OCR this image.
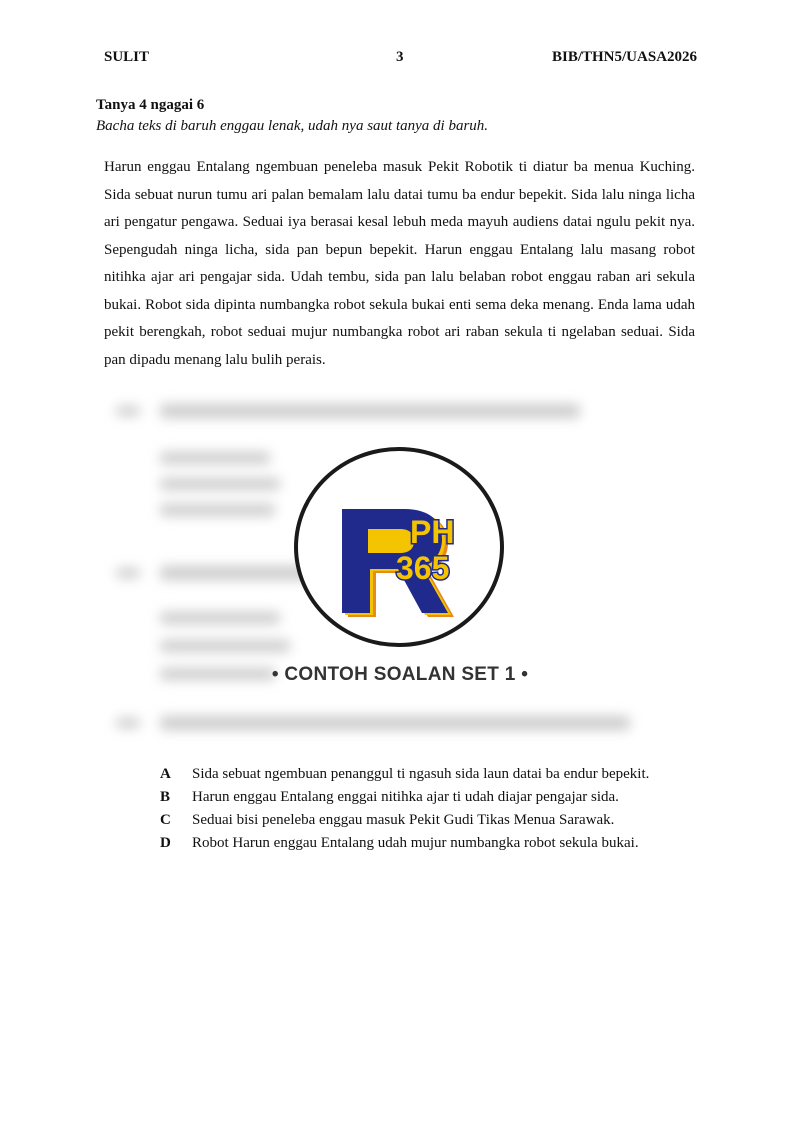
SULIT	3	BIB/THN5/UASA2026
Tanya 4 ngagai 6
Bacha teks di baruh enggau lenak, udah nya saut tanya di baruh.
Harun enggau Entalang ngembuan peneleba masuk Pekit Robotik ti diatur ba menua Kuching. Sida sebuat nurun tumu ari palan bemalam lalu datai tumu ba endur bepekit. Sida lalu ninga licha ari pengatur pengawa. Seduai iya berasai kesal lebuh meda mayuh audiens datai ngulu pekit nya. Sepengudah ninga licha, sida pan bepun bepekit. Harun enggau Entalang lalu masang robot nitihka ajar ari pengajar sida. Udah tembu, sida pan lalu belaban robot enggau raban ari sekula bukai. Robot sida dipinta numbangka robot sekula bukai enti sema deka menang. Enda lama udah pekit berengkah, robot seduai mujur numbangka robot ari raban sekula ti ngelaban seduai. Sida pan dipadu menang lalu bulih perais.
PH
365
• CONTOH SOALAN SET 1 •
A	Sida sebuat ngembuan penanggul ti ngasuh sida laun datai ba endur bepekit.
B	Harun enggau Entalang enggai nitihka ajar ti udah diajar pengajar sida.
C	Seduai bisi peneleba enggau masuk Pekit Gudi Tikas Menua Sarawak.
D	Robot Harun enggau Entalang udah mujur numbangka robot sekula bukai.
